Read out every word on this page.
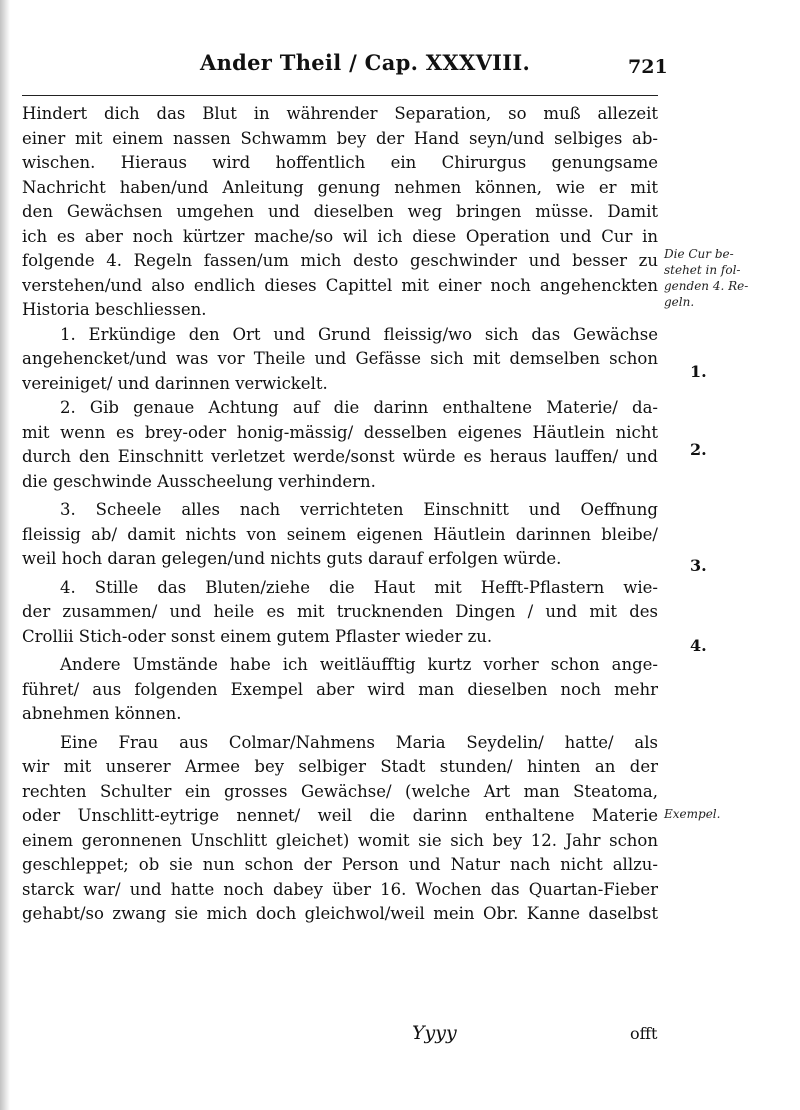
Ander Theil / Cap. XXXVIII.	721
Hindert dich das Blut in währender Separation, so muß allezeit
einer mit einem nassen Schwamm bey der Hand seyn/und selbiges ab-
wischen. Hieraus wird hoffentlich ein Chirurgus genungsame
Nachricht haben/und Anleitung genung nehmen können, wie er mit
den Gewächsen umgehen und dieselben weg bringen müsse. Damit
ich es aber noch kürtzer mache/so wil ich diese Operation und Cur in
folgende 4. Regeln fassen/um mich desto geschwinder und besser zu
verstehen/und also endlich dieses Capittel mit einer noch angehenckten
Historia beschliessen.
1. Erkündige den Ort und Grund fleissig/wo sich das Gewächse
angehencket/und was vor Theile und Gefässe sich mit demselben schon
vereiniget/ und darinnen verwickelt.
2. Gib genaue Achtung auf die darinn enthaltene Materie/ da-
mit wenn es brey-oder honig-mässig/ desselben eigenes Häutlein nicht
durch den Einschnitt verletzet werde/sonst würde es heraus lauffen/ und
die geschwinde Ausscheelung verhindern.
3. Scheele alles nach verrichteten Einschnitt und Oeffnung
fleissig ab/ damit nichts von seinem eigenen Häutlein darinnen bleibe/
weil hoch daran gelegen/und nichts guts darauf erfolgen würde.
4. Stille das Bluten/ziehe die Haut mit Hefft-Pflastern wie-
der zusammen/ und heile es mit trucknenden Dingen / und mit des
Crollii Stich-oder sonst einem gutem Pflaster wieder zu.
Andere Umstände habe ich weitläufftig kurtz vorher schon ange-
führet/ aus folgenden Exempel aber wird man dieselben noch mehr
abnehmen können.
Eine Frau aus Colmar/Nahmens Maria Seydelin/ hatte/ als
wir mit unserer Armee bey selbiger Stadt stunden/ hinten an der
rechten Schulter ein grosses Gewächse/ (welche Art man Steatoma,
oder Unschlitt-eytrige nennet/ weil die darinn enthaltene Materie
einem geronnenen Unschlitt gleichet) womit sie sich bey 12. Jahr schon
geschleppet; ob sie nun schon der Person und Natur nach nicht allzu-
starck war/ und hatte noch dabey über 16. Wochen das Quartan-Fieber
gehabt/so zwang sie mich doch gleichwol/weil mein Obr. Kanne daselbst
Die Cur be-stehet in fol-genden 4. Re-geln.
1.
2.
3.
4.
Exempel.
Yyyy	offt
